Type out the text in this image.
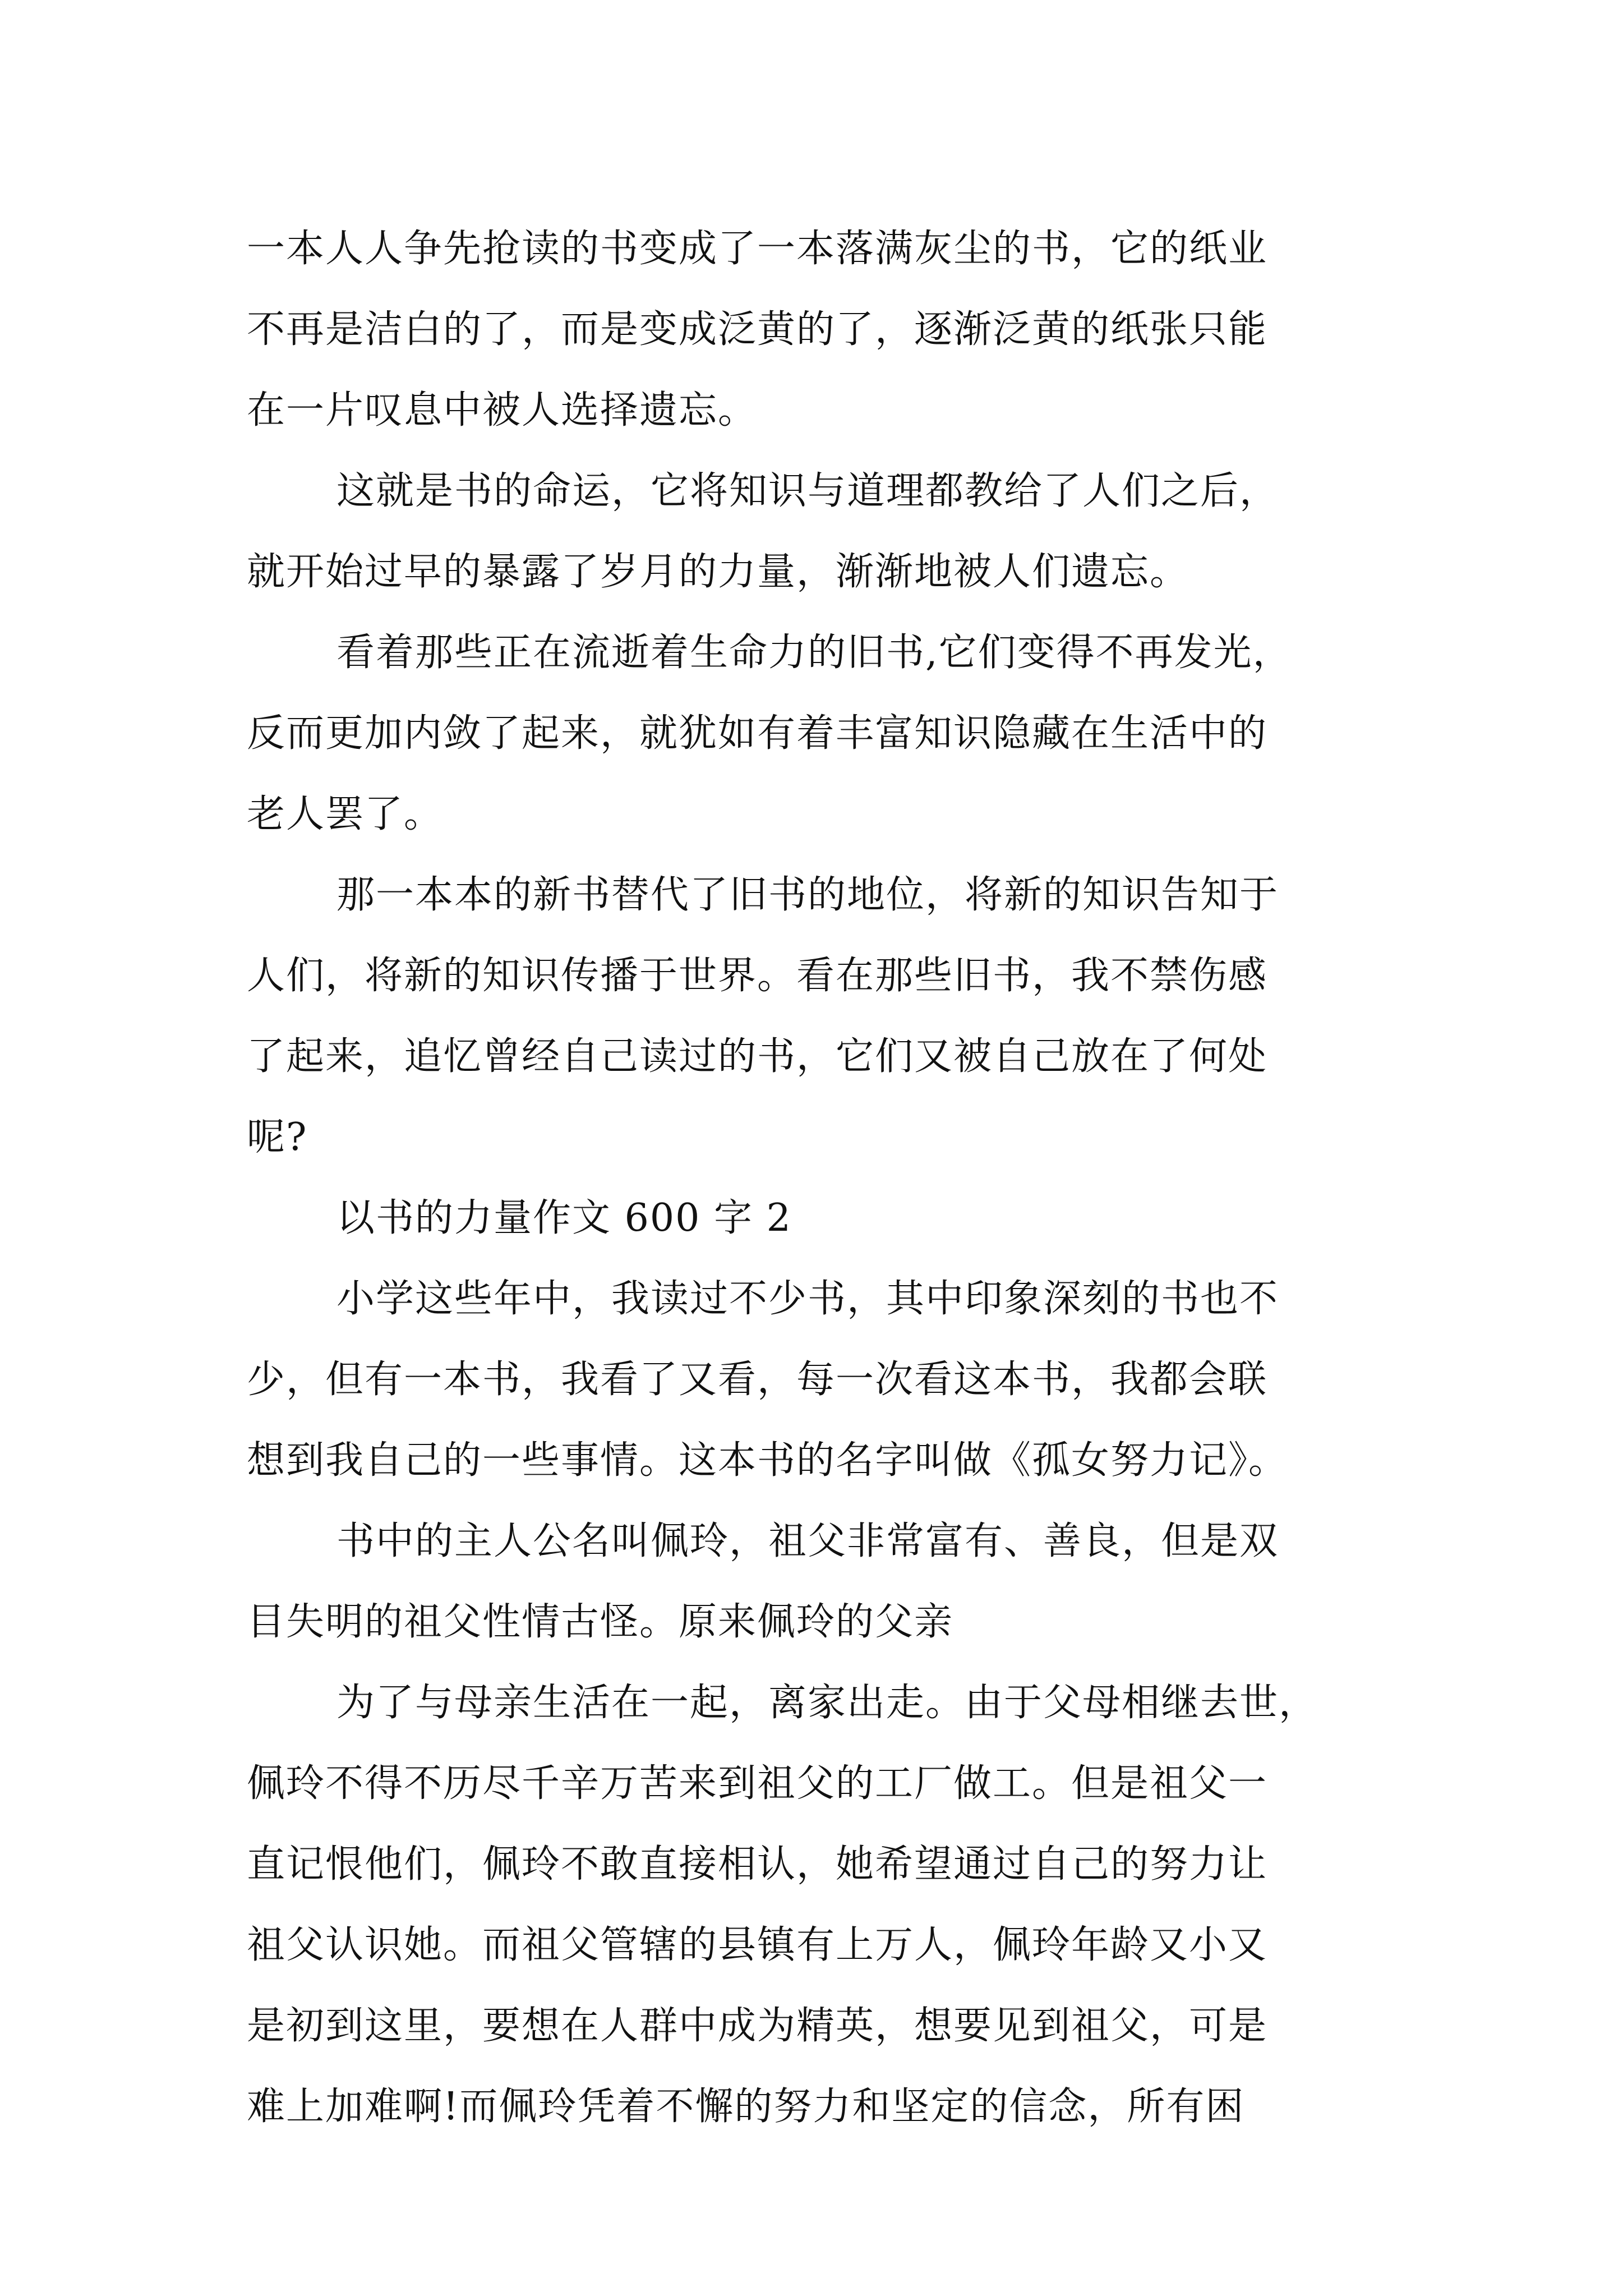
一本人人争先抢读的书变成了一本落满灰尘的书，它的纸业
不再是洁白的了，而是变成泛黄的了，逐渐泛黄的纸张只能
在一片叹息中被人选择遗忘。
这就是书的命运，它将知识与道理都教给了人们之后，
就开始过早的暴露了岁月的力量，渐渐地被人们遗忘。
看着那些正在流逝着生命力的旧书,它们变得不再发光，
反而更加内敛了起来，就犹如有着丰富知识隐藏在生活中的
老人罢了。
那一本本的新书替代了旧书的地位，将新的知识告知于
人们，将新的知识传播于世界。看在那些旧书，我不禁伤感
了起来，追忆曾经自己读过的书，它们又被自己放在了何处
呢?
以书的力量作文 600 字 2
小学这些年中，我读过不少书，其中印象深刻的书也不
少，但有一本书，我看了又看，每一次看这本书，我都会联
想到我自己的一些事情。这本书的名字叫做《孤女努力记》。
书中的主人公名叫佩玲，祖父非常富有、善良，但是双
目失明的祖父性情古怪。原来佩玲的父亲
为了与母亲生活在一起，离家出走。由于父母相继去世，
佩玲不得不历尽千辛万苦来到祖父的工厂做工。但是祖父一
直记恨他们，佩玲不敢直接相认，她希望通过自己的努力让
祖父认识她。而祖父管辖的县镇有上万人，佩玲年龄又小又
是初到这里，要想在人群中成为精英，想要见到祖父，可是
难上加难啊!而佩玲凭着不懈的努力和坚定的信念，所有困
